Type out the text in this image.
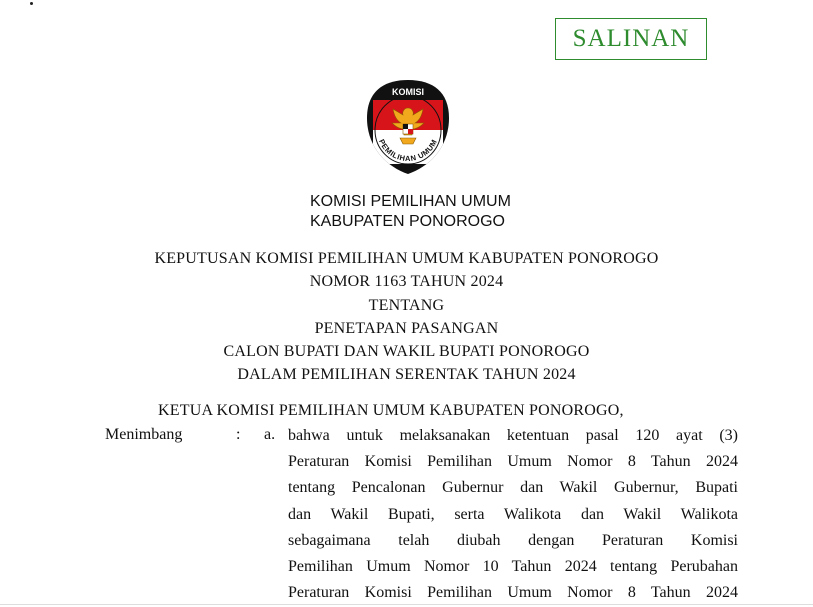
SALINAN
KOMISI
PEMILIHAN UMUM
KOMISI PEMILIHAN UMUM
KABUPATEN PONOROGO
KEPUTUSAN KOMISI PEMILIHAN UMUM KABUPATEN PONOROGO
NOMOR 1163 TAHUN 2024
TENTANG
PENETAPAN PASANGAN
CALON BUPATI DAN WAKIL BUPATI PONOROGO
DALAM PEMILIHAN SERENTAK TAHUN 2024
KETUA KOMISI PEMILIHAN UMUM KABUPATEN PONOROGO,
Menimbang	: a. bahwa untuk melaksanakan ketentuan pasal 120 ayat (3)
Peraturan Komisi Pemilihan Umum Nomor 8 Tahun 2024
tentang Pencalonan Gubernur dan Wakil Gubernur, Bupati
dan Wakil Bupati, serta Walikota dan Wakil Walikota
sebagaimana telah diubah dengan Peraturan Komisi
Pemilihan Umum Nomor 10 Tahun 2024 tentang Perubahan
Peraturan Komisi Pemilihan Umum Nomor 8 Tahun 2024
